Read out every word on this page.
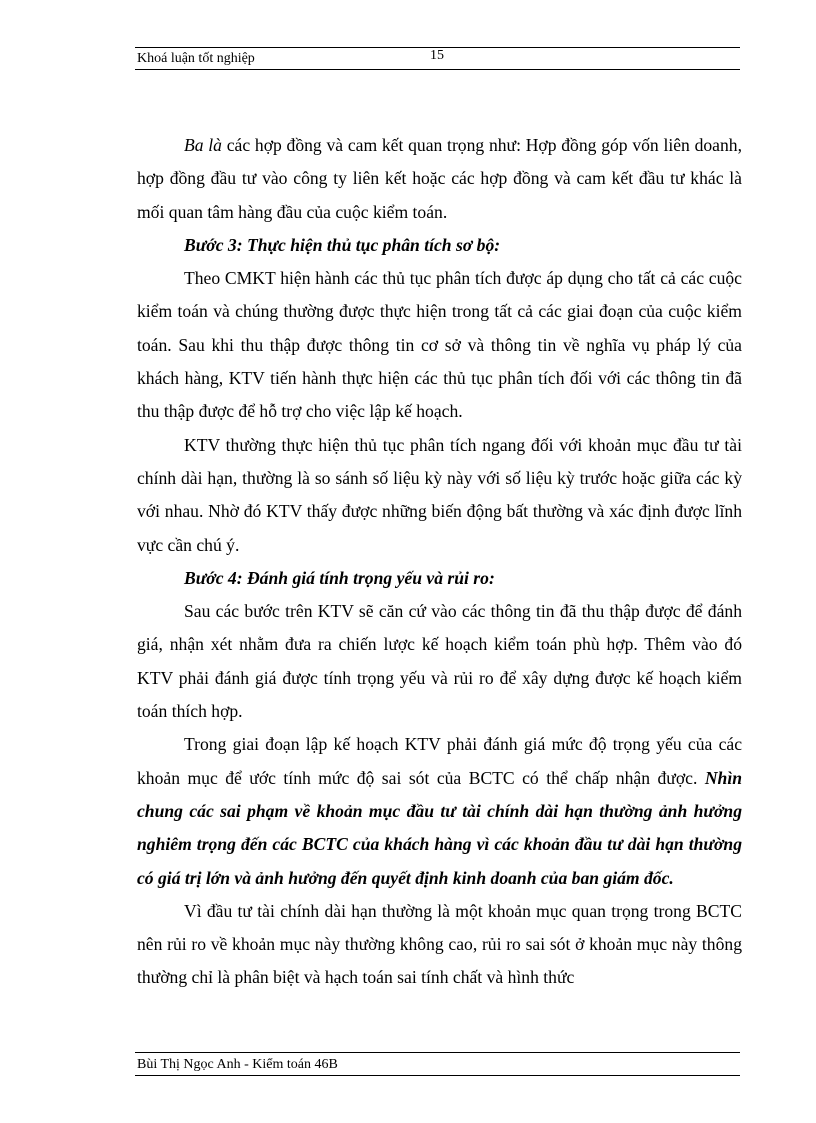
Khoá luận tốt nghiệp	15

Ba là các hợp đồng và cam kết quan trọng như: Hợp đồng góp vốn liên doanh, hợp đồng đầu tư vào công ty liên kết hoặc các hợp đồng và cam kết đầu tư khác là mối quan tâm hàng đầu của cuộc kiểm toán.

Bước 3: Thực hiện thủ tục phân tích sơ bộ:

Theo CMKT hiện hành các thủ tục phân tích được áp dụng cho tất cả các cuộc kiểm toán và chúng thường được thực hiện trong tất cả các giai đoạn của cuộc kiểm toán. Sau khi thu thập được thông tin cơ sở và thông tin về nghĩa vụ pháp lý của khách hàng, KTV tiến hành thực hiện các thủ tục phân tích đối với các thông tin đã thu thập được để hỗ trợ cho việc lập kế hoạch.

KTV thường thực hiện thủ tục phân tích ngang đối với khoản mục đầu tư tài chính dài hạn, thường là so sánh số liệu kỳ này với số liệu kỳ trước hoặc giữa các kỳ với nhau. Nhờ đó KTV thấy được những biến động bất thường và xác định được lĩnh vực cần chú ý.

Bước 4: Đánh giá tính trọng yếu và rủi ro:

Sau các bước trên KTV sẽ căn cứ vào các thông tin đã thu thập được để đánh giá, nhận xét nhằm đưa ra chiến lược kế hoạch kiểm toán phù hợp. Thêm vào đó KTV phải đánh giá được tính trọng yếu và rủi ro để xây dựng được kế hoạch kiểm toán thích hợp.

Trong giai đoạn lập kế hoạch KTV phải đánh giá mức độ trọng yếu của các khoản mục để ước tính mức độ sai sót của BCTC có thể chấp nhận được. Nhìn chung các sai phạm về khoản mục đầu tư tài chính dài hạn thường ảnh hưởng nghiêm trọng đến các BCTC của khách hàng vì các khoản đầu tư dài hạn thường có giá trị lớn và ảnh hưởng đến quyết định kinh doanh của ban giám đốc.

Vì đầu tư tài chính dài hạn thường là một khoản mục quan trọng trong BCTC nên rủi ro về khoản mục này thường không cao, rủi ro sai sót ở khoản mục này thông thường chỉ là phân biệt và hạch toán sai tính chất và hình thức

Bùi Thị Ngọc Anh - Kiểm toán 46B
